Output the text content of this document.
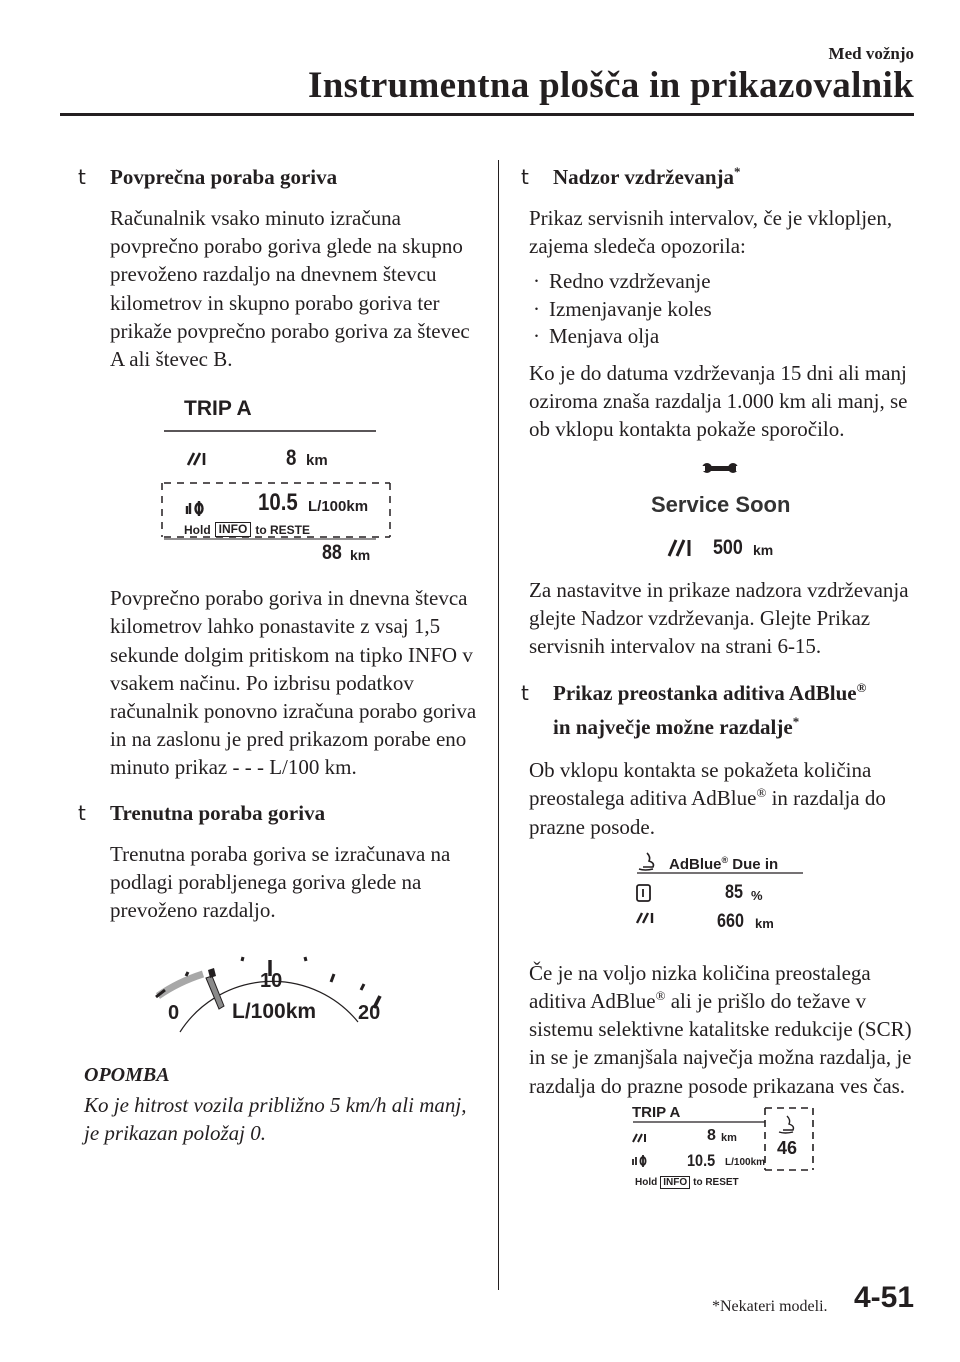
Med vožnjo
Instrumentna plošča in prikazovalnik
t	Povprečna poraba goriva

Računalnik vsako minuto izračuna povprečno porabo goriva glede na skupno prevoženo razdaljo na dnevnem števcu kilometrov in skupno porabo goriva ter prikaže povprečno porabo goriva za števec A ali števec B.

TRIP A
8 km
10.5 L/100km
Hold INFO to RESTE
88 km

Povprečno porabo goriva in dnevna števca kilometrov lahko ponastavite z vsaj 1,5 sekunde dolgim pritiskom na tipko INFO v vsakem načinu. Po izbrisu podatkov računalnik ponovno izračuna porabo goriva in na zaslonu je pred prikazom porabe eno minuto prikaz - - - L/100 km.

t	Trenutna poraba goriva

Trenutna poraba goriva se izračunava na podlagi porabljenega goriva glede na prevoženo razdaljo.

10
0	20
L/100km

OPOMBA

Ko je hitrost vozila približno 5 km/h ali manj, je prikazan položaj 0.

t	Nadzor vzdrževanja*

Prikaz servisnih intervalov, če je vklopljen, zajema sledeča opozorila:

· Redno vzdrževanje
· Izmenjavanje koles
· Menjava olja

Ko je do datuma vzdrževanja 15 dni ali manj oziroma znaša razdalja 1.000 km ali manj, se ob vklopu kontakta pokaže sporočilo.

Service Soon
500 km

Za nastavitve in prikaze nadzora vzdrževanja glejte Nadzor vzdrževanja. Glejte Prikaz servisnih intervalov na strani 6-15.

t	Prikaz preostanka aditiva AdBlue®
in največje možne razdalje*

Ob vklopu kontakta se pokažeta količina preostalega aditiva AdBlue® in razdalja do prazne posode.

AdBlue® Due in
85 %
660 km

Če je na voljo nizka količina preostalega aditiva AdBlue® ali je prišlo do težave v sistemu selektivne katalitske redukcije (SCR) in se je zmanjšala največja možna razdalja, je razdalja do prazne posode prikazana ves čas.

TRIP A
8 km
10.5 L/100km
46
Hold INFO to RESET
*Nekateri modeli. 4-51
